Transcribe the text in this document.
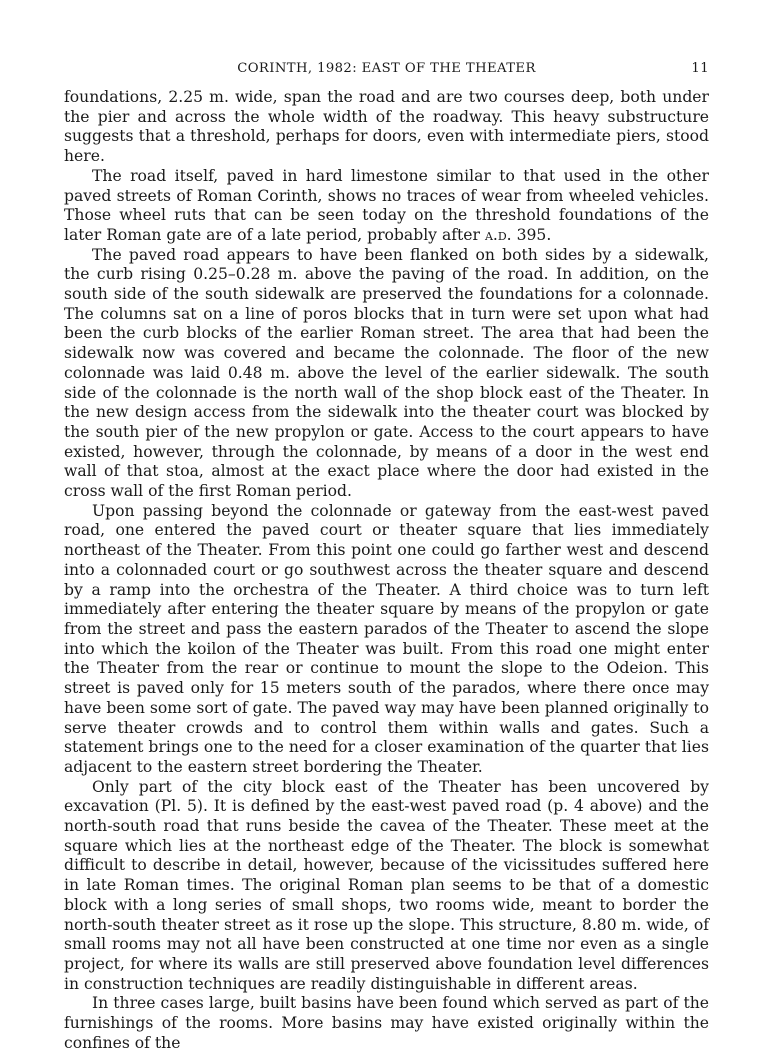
CORINTH, 1982: EAST OF THE THEATER	11

foundations, 2.25 m. wide, span the road and are two courses deep, both under the pier and across the whole width of the roadway. This heavy substructure suggests that a threshold, perhaps for doors, even with intermediate piers, stood here.

The road itself, paved in hard limestone similar to that used in the other paved streets of Roman Corinth, shows no traces of wear from wheeled vehicles. Those wheel ruts that can be seen today on the threshold foundations of the later Roman gate are of a late period, probably after a.d. 395.

The paved road appears to have been flanked on both sides by a sidewalk, the curb rising 0.25–0.28 m. above the paving of the road. In addition, on the south side of the south sidewalk are preserved the foundations for a colonnade. The columns sat on a line of poros blocks that in turn were set upon what had been the curb blocks of the earlier Roman street. The area that had been the sidewalk now was covered and became the colonnade. The floor of the new colonnade was laid 0.48 m. above the level of the earlier sidewalk. The south side of the colonnade is the north wall of the shop block east of the Theater. In the new design access from the sidewalk into the theater court was blocked by the south pier of the new propylon or gate. Access to the court appears to have existed, however, through the colonnade, by means of a door in the west end wall of that stoa, almost at the exact place where the door had existed in the cross wall of the first Roman period.

Upon passing beyond the colonnade or gateway from the east-west paved road, one entered the paved court or theater square that lies immediately northeast of the Theater. From this point one could go farther west and descend into a colonnaded court or go southwest across the theater square and descend by a ramp into the orchestra of the Theater. A third choice was to turn left immediately after entering the theater square by means of the propylon or gate from the street and pass the eastern parados of the Theater to ascend the slope into which the koilon of the Theater was built. From this road one might enter the Theater from the rear or continue to mount the slope to the Odeion. This street is paved only for 15 meters south of the parados, where there once may have been some sort of gate. The paved way may have been planned originally to serve theater crowds and to control them within walls and gates. Such a statement brings one to the need for a closer examination of the quarter that lies adjacent to the eastern street bordering the Theater.

Only part of the city block east of the Theater has been uncovered by excavation (Pl. 5). It is defined by the east-west paved road (p. 4 above) and the north-south road that runs beside the cavea of the Theater. These meet at the square which lies at the northeast edge of the Theater. The block is somewhat difficult to describe in detail, however, because of the vicissitudes suffered here in late Roman times. The original Roman plan seems to be that of a domestic block with a long series of small shops, two rooms wide, meant to border the north-south theater street as it rose up the slope. This structure, 8.80 m. wide, of small rooms may not all have been constructed at one time nor even as a single project, for where its walls are still preserved above foundation level differences in construction techniques are readily distinguishable in different areas.

In three cases large, built basins have been found which served as part of the furnishings of the rooms. More basins may have existed originally within the confines of the
